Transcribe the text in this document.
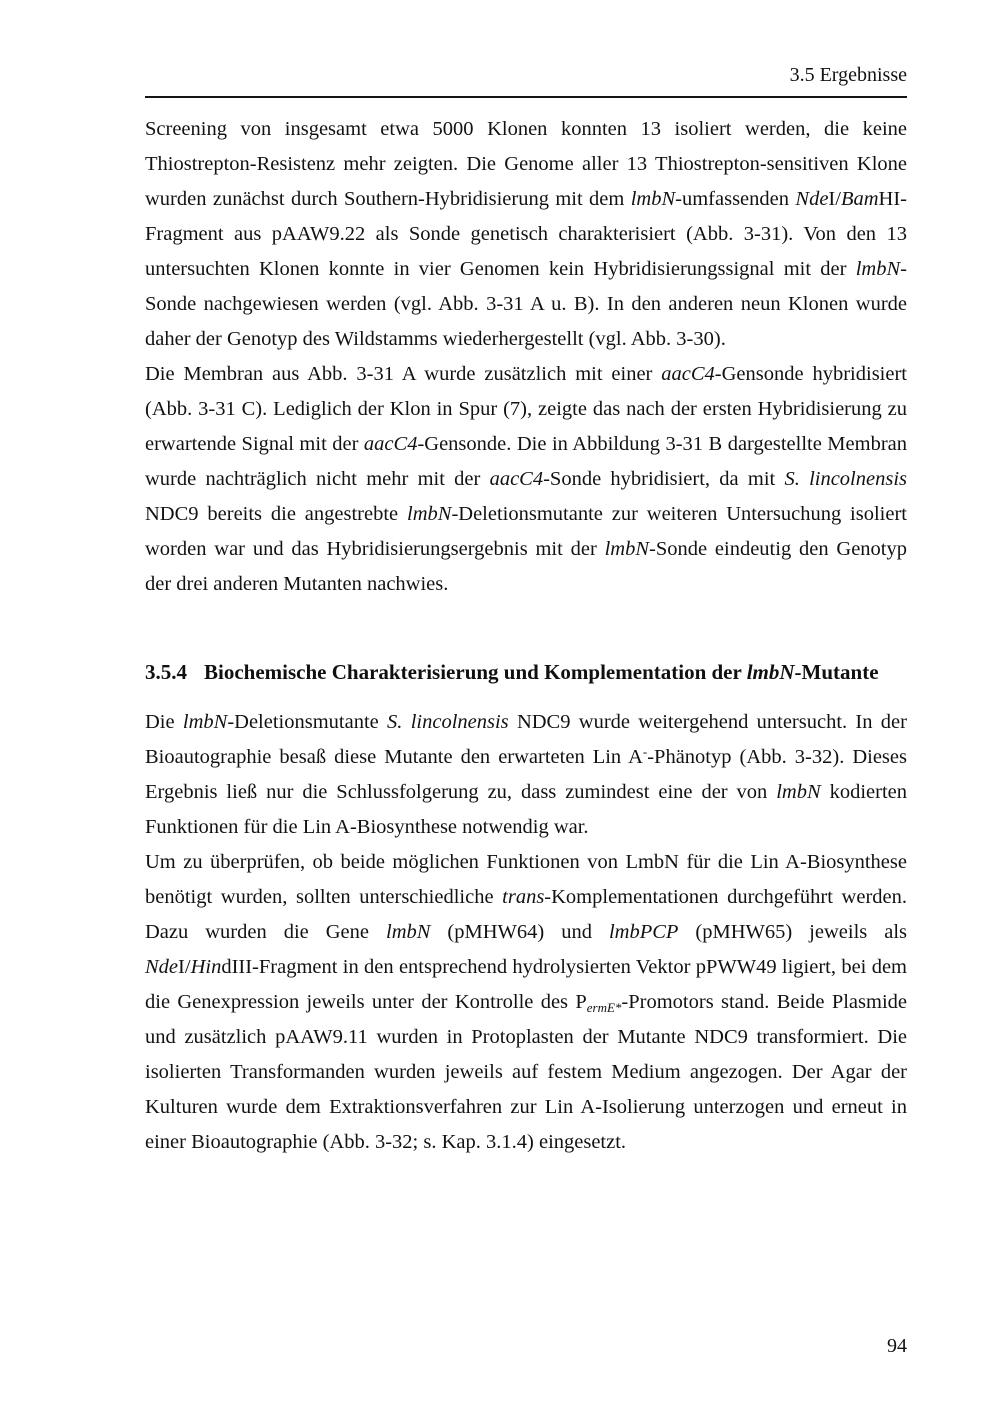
3.5 Ergebnisse

Screening von insgesamt etwa 5000 Klonen konnten 13 isoliert werden, die keine Thiostrepton-Resistenz mehr zeigten. Die Genome aller 13 Thiostrepton-sensitiven Klone wurden zunächst durch Southern-Hybridisierung mit dem lmbN-umfassenden NdeI/BamHI-Fragment aus pAAW9.22 als Sonde genetisch charakterisiert (Abb. 3-31). Von den 13 untersuchten Klonen konnte in vier Genomen kein Hybridisierungssignal mit der lmbN-Sonde nachgewiesen werden (vgl. Abb. 3-31 A u. B). In den anderen neun Klonen wurde daher der Genotyp des Wildstamms wiederhergestellt (vgl. Abb. 3-30).

Die Membran aus Abb. 3-31 A wurde zusätzlich mit einer aacC4-Gensonde hybridisiert (Abb. 3-31 C). Lediglich der Klon in Spur (7), zeigte das nach der ersten Hybridisierung zu erwartende Signal mit der aacC4-Gensonde. Die in Abbildung 3-31 B dargestellte Membran wurde nachträglich nicht mehr mit der aacC4-Sonde hybridisiert, da mit S. lincolnensis NDC9 bereits die angestrebte lmbN-Deletionsmutante zur weiteren Untersuchung isoliert worden war und das Hybridisierungsergebnis mit der lmbN-Sonde eindeutig den Genotyp der drei anderen Mutanten nachwies.

3.5.4 Biochemische Charakterisierung und Komplementation der lmbN-Mutante

Die lmbN-Deletionsmutante S. lincolnensis NDC9 wurde weitergehend untersucht. In der Bioautographie besaß diese Mutante den erwarteten Lin A--Phänotyp (Abb. 3-32). Dieses Ergebnis ließ nur die Schlussfolgerung zu, dass zumindest eine der von lmbN kodierten Funktionen für die Lin A-Biosynthese notwendig war.

Um zu überprüfen, ob beide möglichen Funktionen von LmbN für die Lin A-Biosynthese benötigt wurden, sollten unterschiedliche trans-Komplementationen durchgeführt werden. Dazu wurden die Gene lmbN (pMHW64) und lmbPCP (pMHW65) jeweils als NdeI/HindIII-Fragment in den entsprechend hydrolysierten Vektor pPWW49 ligiert, bei dem die Genexpression jeweils unter der Kontrolle des $P_{ermE*}$-Promotors stand. Beide Plasmide und zusätzlich pAAW9.11 wurden in Protoplasten der Mutante NDC9 transformiert. Die isolierten Transformanden wurden jeweils auf festem Medium angezogen. Der Agar der Kulturen wurde dem Extraktionsverfahren zur Lin A-Isolierung unterzogen und erneut in einer Bioautographie (Abb. 3-32; s. Kap. 3.1.4) eingesetzt.

94
